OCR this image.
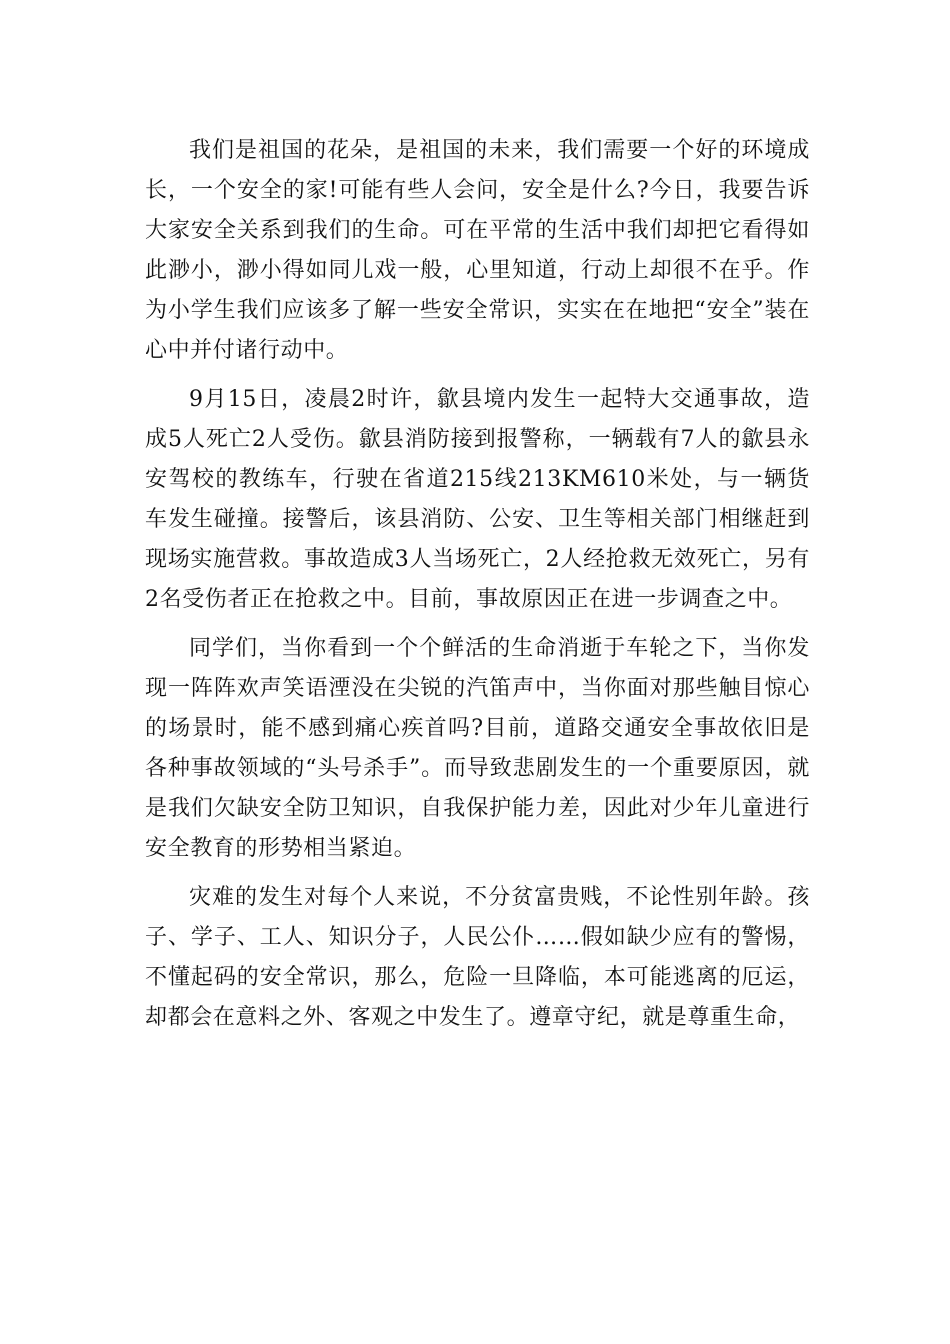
我们是祖国的花朵，是祖国的未来，我们需要一个好的环境成长，一个安全的家!可能有些人会问，安全是什么?今日，我要告诉大家安全关系到我们的生命。可在平常的生活中我们却把它看得如此渺小，渺小得如同儿戏一般，心里知道，行动上却很不在乎。作为小学生我们应该多了解一些安全常识，实实在在地把“安全”装在心中并付诸行动中。

9月15日，凌晨2时许，歙县境内发生一起特大交通事故，造成5人死亡2人受伤。歙县消防接到报警称，一辆载有7人的歙县永安驾校的教练车，行驶在省道215线213KM610米处，与一辆货车发生碰撞。接警后，该县消防、公安、卫生等相关部门相继赶到现场实施营救。事故造成3人当场死亡，2人经抢救无效死亡，另有2名受伤者正在抢救之中。目前，事故原因正在进一步调查之中。

同学们，当你看到一个个鲜活的生命消逝于车轮之下，当你发现一阵阵欢声笑语湮没在尖锐的汽笛声中，当你面对那些触目惊心的场景时，能不感到痛心疾首吗?目前，道路交通安全事故依旧是各种事故领域的“头号杀手”。而导致悲剧发生的一个重要原因，就是我们欠缺安全防卫知识，自我保护能力差，因此对少年儿童进行安全教育的形势相当紧迫。

灾难的发生对每个人来说，不分贫富贵贱，不论性别年龄。孩子、学子、工人、知识分子，人民公仆……假如缺少应有的警惕，不懂起码的安全常识，那么，危险一旦降临，本可能逃离的厄运，却都会在意料之外、客观之中发生了。遵章守纪，就是尊重生命，
